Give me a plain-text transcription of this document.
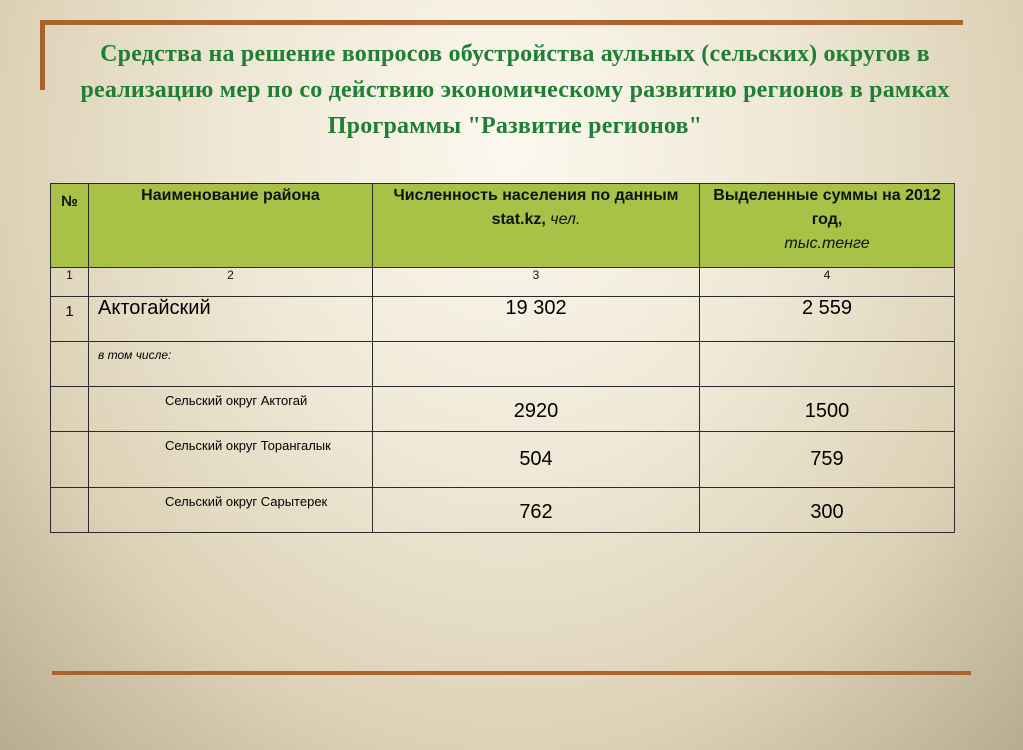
Средства на решение вопросов обустройства аульных (сельских) округов в реализацию мер по со действию экономическому развитию регионов в рамках Программы "Развитие регионов"
№	Наименование района	Численность населения по данным stat.kz, чел.	Выделенные суммы на 2012 год,
тыс.тенге
1	2	3	4
1	Актогайский	19 302	2 559
	в том числе:		
	Сельский округ Актогай	2920	1500
	Сельский округ Торангалык	504	759
	Сельский округ Сарытерек	762	300
